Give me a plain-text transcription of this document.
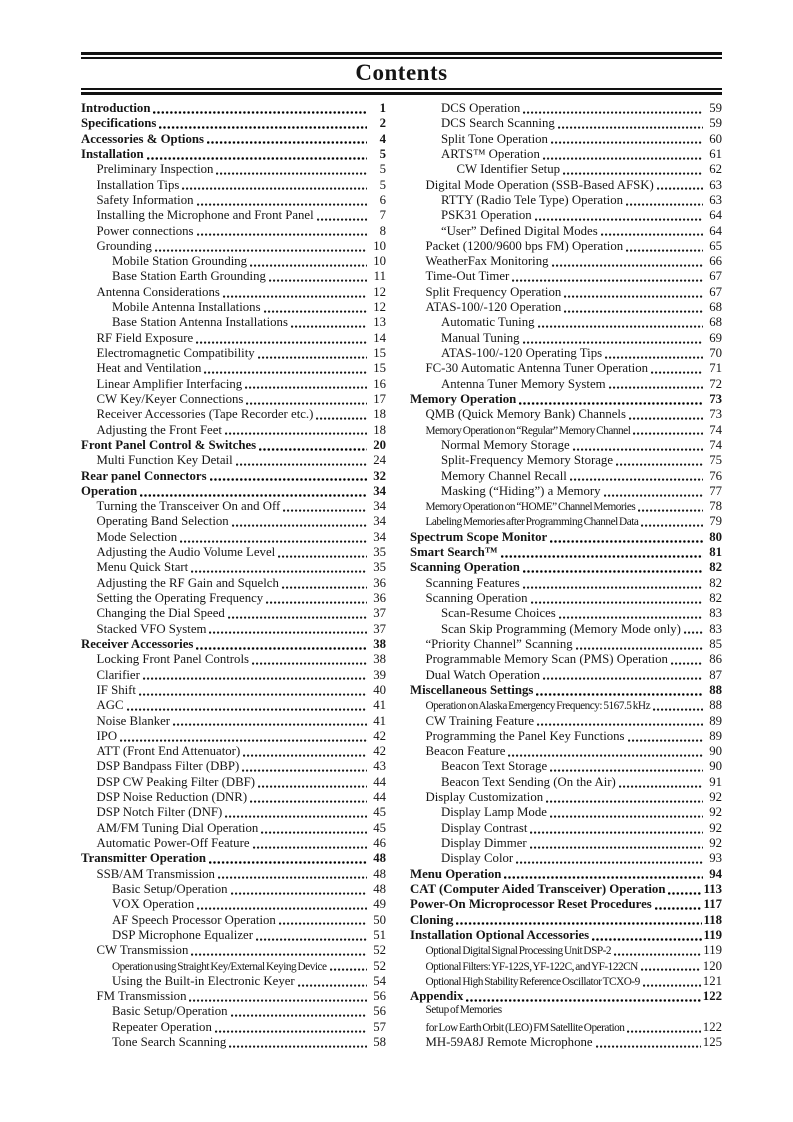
Contents
Introduction	1
Specifications	2
Accessories & Options	4
Installation	5
Preliminary Inspection	5
Installation Tips	5
Safety Information	6
Installing the Microphone and Front Panel	7
Power connections	8
Grounding	10
Mobile Station Grounding	10
Base Station Earth Grounding	11
Antenna Considerations	12
Mobile Antenna Installations	12
Base Station Antenna Installations	13
RF Field Exposure	14
Electromagnetic Compatibility	15
Heat and Ventilation	15
Linear Amplifier Interfacing	16
CW Key/Keyer Connections	17
Receiver Accessories (Tape Recorder etc.)	18
Adjusting the Front Feet	18
Front Panel Control & Switches	20
Multi Function Key Detail	24
Rear panel Connectors	32
Operation	34
Turning the Transceiver On and Off	34
Operating Band Selection	34
Mode Selection	34
Adjusting the Audio Volume Level	35
Menu Quick Start	35
Adjusting the RF Gain and Squelch	36
Setting the Operating Frequency	36
Changing the Dial Speed	37
Stacked VFO System	37
Receiver Accessories	38
Locking Front Panel Controls	38
Clarifier	39
IF Shift	40
AGC	41
Noise Blanker	41
IPO	42
ATT (Front End Attenuator)	42
DSP Bandpass Filter (DBP)	43
DSP CW Peaking Filter (DBF)	44
DSP Noise Reduction (DNR)	44
DSP Notch Filter (DNF)	45
AM/FM Tuning Dial Operation	45
Automatic Power-Off Feature	46
Transmitter Operation	48
SSB/AM Transmission	48
Basic Setup/Operation	48
VOX Operation	49
AF Speech Processor Operation	50
DSP Microphone Equalizer	51
CW Transmission	52
Operation using Straight Key/External Keying Device	52
Using the Built-in Electronic Keyer	54
FM Transmission	56
Basic Setup/Operation	56
Repeater Operation	57
Tone Search Scanning	58
DCS Operation	59
DCS Search Scanning	59
Split Tone Operation	60
ARTS™ Operation	61
CW Identifier Setup	62
Digital Mode Operation (SSB-Based AFSK)	63
RTTY (Radio Tele Type) Operation	63
PSK31 Operation	64
“User” Defined Digital Modes	64
Packet (1200/9600 bps FM) Operation	65
WeatherFax Monitoring	66
Time-Out Timer	67
Split Frequency Operation	67
ATAS-100/-120 Operation	68
Automatic Tuning	68
Manual Tuning	69
ATAS-100/-120 Operating Tips	70
FC-30 Automatic Antenna Tuner Operation	71
Antenna Tuner Memory System	72
Memory Operation	73
QMB (Quick Memory Bank) Channels	73
Memory Operation on “Regular” Memory Channel	74
Normal Memory Storage	74
Split-Frequency Memory Storage	75
Memory Channel Recall	76
Masking (“Hiding”) a Memory	77
Memory Operation on “HOME” Channel Memories	78
Labeling Memories after Programming Channel Data	79
Spectrum Scope Monitor	80
Smart Search™	81
Scanning Operation	82
Scanning Features	82
Scanning Operation	82
Scan-Resume Choices	83
Scan Skip Programming (Memory Mode only)	83
“Priority Channel” Scanning	85
Programmable Memory Scan (PMS) Operation	86
Dual Watch Operation	87
Miscellaneous Settings	88
Operation on Alaska Emergency Frequency: 5167.5 kHz	88
CW Training Feature	89
Programming the Panel Key Functions	89
Beacon Feature	90
Beacon Text Storage	90
Beacon Text Sending (On the Air)	91
Display Customization	92
Display Lamp Mode	92
Display Contrast	92
Display Dimmer	92
Display Color	93
Menu Operation	94
CAT (Computer Aided Transceiver) Operation	113
Power-On Microprocessor Reset Procedures	117
Cloning	118
Installation Optional Accessories	119
Optional Digital Signal Processing Unit DSP-2	119
Optional Filters: YF-122S, YF-122C, and YF-122CN	120
Optional High Stability Reference Oscillator TCXO-9	121
Appendix	122
Setup of Memories
for Low Earth Orbit (LEO) FM Satellite Operation	122
MH-59A8J Remote Microphone	125
